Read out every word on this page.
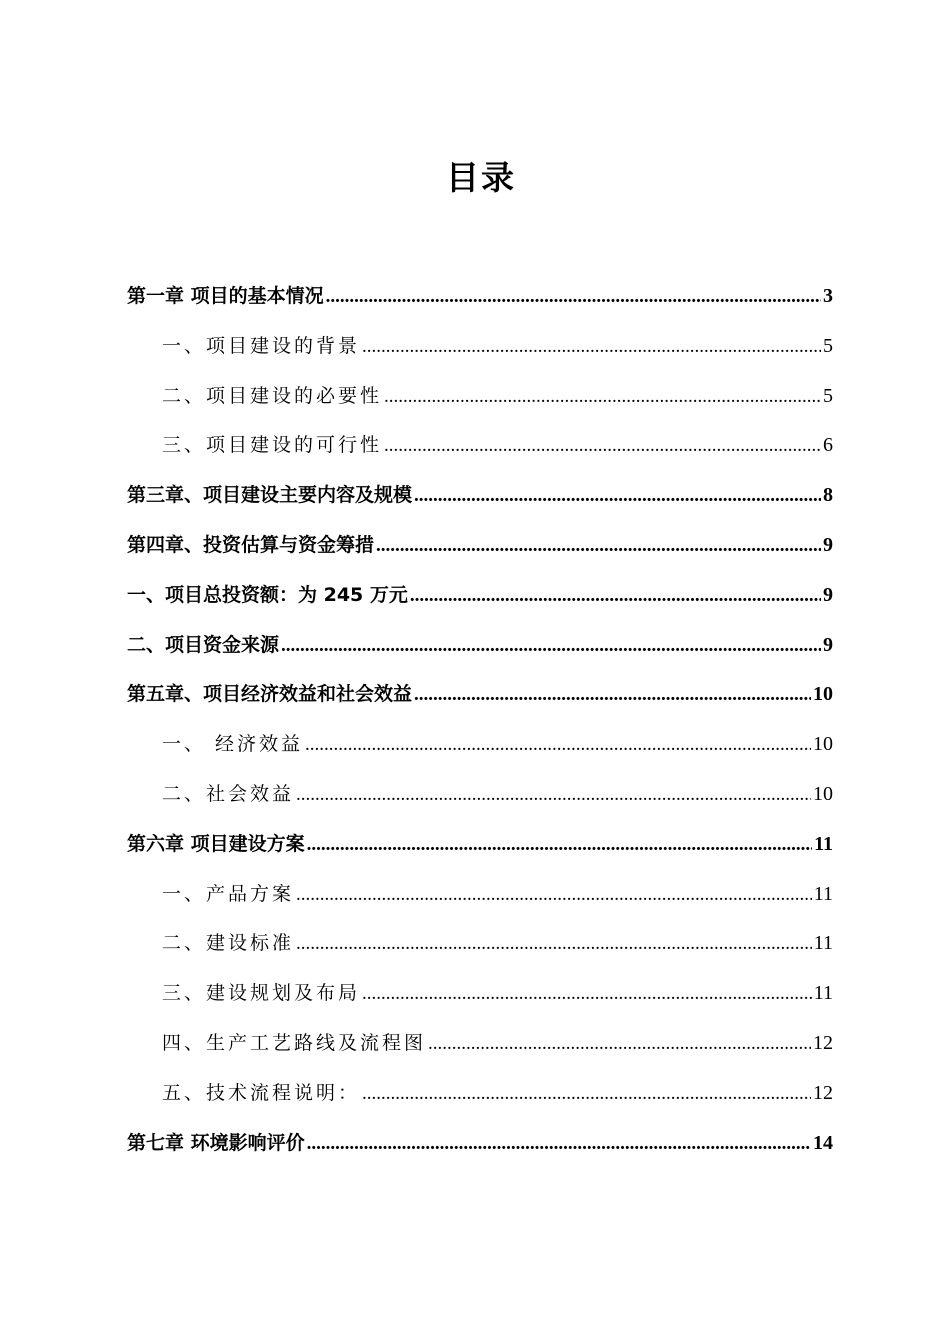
目录
第一章 项目的基本情况 .....	3
一、项目建设的背景 .....	5
二、项目建设的必要性 .....	5
三、项目建设的可行性 .....	6
第三章、项目建设主要内容及规模 .....	8
第四章、投资估算与资金筹措 .....	9
一、项目总投资额：为 245 万元 .....	9
二、项目资金来源 .....	9
第五章、项目经济效益和社会效益 .....	10
一、 经济效益 .....	10
二、社会效益 .....	10
第六章 项目建设方案 .....	11
一、产品方案 .....	11
二、建设标准 .....	11
三、建设规划及布局 .....	11
四、生产工艺路线及流程图 .....	12
五、技术流程说明： .....	12
第七章 环境影响评价 .....	14
